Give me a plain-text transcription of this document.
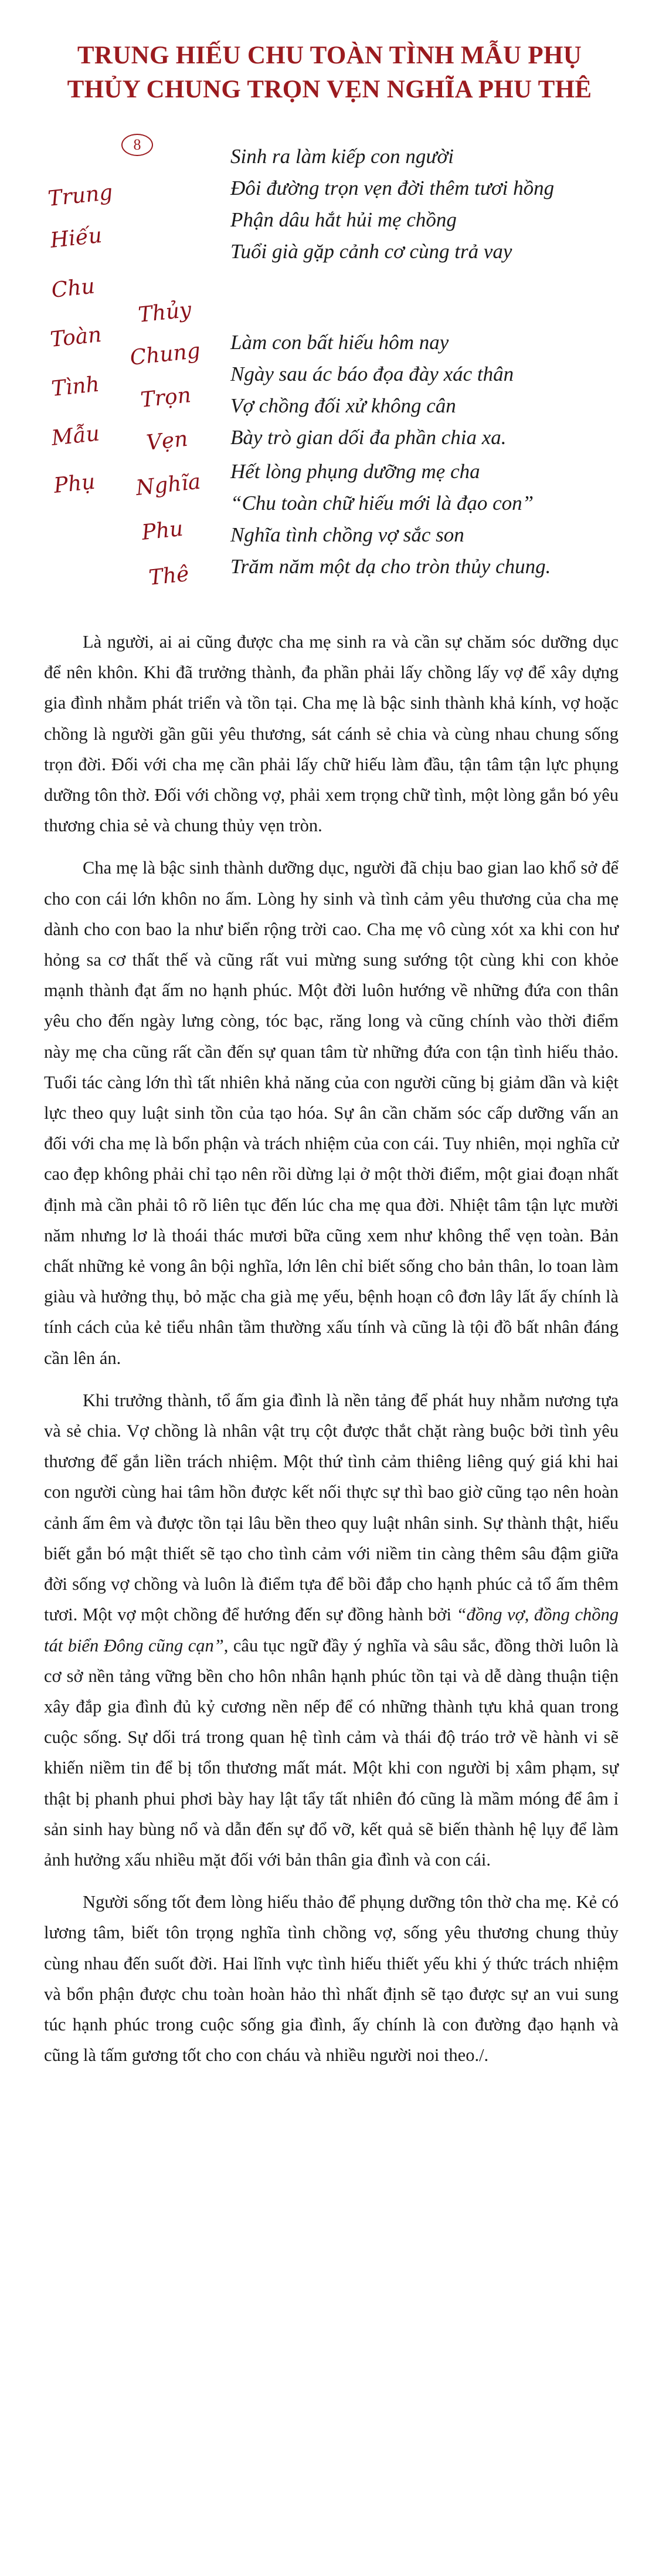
TRUNG HIẾU CHU TOÀN TÌNH MẪU PHỤ
THỦY CHUNG TRỌN VẸN NGHĨA PHU THÊ
8
Trung
Hiếu
Chu
Toàn
Tình
Mẫu
Phụ
Thủy
Chung
Trọn
Vẹn
Nghĩa
Phu
Thê
Sinh ra làm kiếp con người
Đôi đường trọn vẹn đời thêm tươi hồng
Phận dâu hắt hủi mẹ chồng
Tuổi già gặp cảnh cơ cùng trả vay
Làm con bất hiếu hôm nay
Ngày sau ác báo đọa đày xác thân
Vợ chồng đối xử không cân
Bày trò gian dối đa phần chia xa.
Hết lòng phụng dưỡng mẹ cha
“Chu toàn chữ hiếu mới là đạo con”
Nghĩa tình chồng vợ sắc son
Trăm năm một dạ cho tròn thủy chung.

Là người, ai ai cũng được cha mẹ sinh ra và cần sự chăm sóc dưỡng dục để nên khôn. Khi đã trưởng thành, đa phần phải lấy chồng lấy vợ để xây dựng gia đình nhằm phát triển và tồn tại. Cha mẹ là bậc sinh thành khả kính, vợ hoặc chồng là người gần gũi yêu thương, sát cánh sẻ chia và cùng nhau chung sống trọn đời. Đối với cha mẹ cần phải lấy chữ hiếu làm đầu, tận tâm tận lực phụng dưỡng tôn thờ. Đối với chồng vợ, phải xem trọng chữ tình, một lòng gắn bó yêu thương chia sẻ và chung thủy vẹn tròn.

Cha mẹ là bậc sinh thành dưỡng dục, người đã chịu bao gian lao khổ sở để cho con cái lớn khôn no ấm. Lòng hy sinh và tình cảm yêu thương của cha mẹ dành cho con bao la như biển rộng trời cao. Cha mẹ vô cùng xót xa khi con hư hỏng sa cơ thất thế và cũng rất vui mừng sung sướng tột cùng khi con khỏe mạnh thành đạt ấm no hạnh phúc. Một đời luôn hướng về những đứa con thân yêu cho đến ngày lưng còng, tóc bạc, răng long và cũng chính vào thời điểm này mẹ cha cũng rất cần đến sự quan tâm từ những đứa con tận tình hiếu thảo. Tuổi tác càng lớn thì tất nhiên khả năng của con người cũng bị giảm dần và kiệt lực theo quy luật sinh tồn của tạo hóa. Sự ân cần chăm sóc cấp dưỡng vấn an đối với cha mẹ là bổn phận và trách nhiệm của con cái. Tuy nhiên, mọi nghĩa cử cao đẹp không phải chỉ tạo nên rồi dừng lại ở một thời điểm, một giai đoạn nhất định mà cần phải tô rõ liên tục đến lúc cha mẹ qua đời. Nhiệt tâm tận lực mười năm nhưng lơ là thoái thác mươi bữa cũng xem như không thể vẹn toàn. Bản chất những kẻ vong ân bội nghĩa, lớn lên chỉ biết sống cho bản thân, lo toan làm giàu và hưởng thụ, bỏ mặc cha già mẹ yếu, bệnh hoạn cô đơn lây lất ấy chính là tính cách của kẻ tiểu nhân tầm thường xấu tính và cũng là tội đồ bất nhân đáng cần lên án.

Khi trưởng thành, tổ ấm gia đình là nền tảng để phát huy nhằm nương tựa và sẻ chia. Vợ chồng là nhân vật trụ cột được thắt chặt ràng buộc bởi tình yêu thương để gắn liền trách nhiệm. Một thứ tình cảm thiêng liêng quý giá khi hai con người cùng hai tâm hồn được kết nối thực sự thì bao giờ cũng tạo nên hoàn cảnh ấm êm và được tồn tại lâu bền theo quy luật nhân sinh. Sự thành thật, hiểu biết gắn bó mật thiết sẽ tạo cho tình cảm với niềm tin càng thêm sâu đậm giữa đời sống vợ chồng và luôn là điểm tựa để bồi đắp cho hạnh phúc cả tổ ấm thêm tươi. Một vợ một chồng để hướng đến sự đồng hành bởi “đồng vợ, đồng chồng tát biển Đông cũng cạn”, câu tục ngữ đầy ý nghĩa và sâu sắc, đồng thời luôn là cơ sở nền tảng vững bền cho hôn nhân hạnh phúc tồn tại và dễ dàng thuận tiện xây đắp gia đình đủ kỷ cương nền nếp để có những thành tựu khả quan trong cuộc sống. Sự dối trá trong quan hệ tình cảm và thái độ tráo trở về hành vi sẽ khiến niềm tin để bị tổn thương mất mát. Một khi con người bị xâm phạm, sự thật bị phanh phui phơi bày hay lật tẩy tất nhiên đó cũng là mầm móng để âm ỉ sản sinh hay bùng nổ và dẫn đến sự đổ vỡ, kết quả sẽ biến thành hệ lụy để làm ảnh hưởng xấu nhiều mặt đối với bản thân gia đình và con cái.

Người sống tốt đem lòng hiếu thảo để phụng dưỡng tôn thờ cha mẹ. Kẻ có lương tâm, biết tôn trọng nghĩa tình chồng vợ, sống yêu thương chung thủy cùng nhau đến suốt đời. Hai lĩnh vực tình hiếu thiết yếu khi ý thức trách nhiệm và bổn phận được chu toàn hoàn hảo thì nhất định sẽ tạo được sự an vui sung túc hạnh phúc trong cuộc sống gia đình, ấy chính là con đường đạo hạnh và cũng là tấm gương tốt cho con cháu và nhiều người noi theo./.
